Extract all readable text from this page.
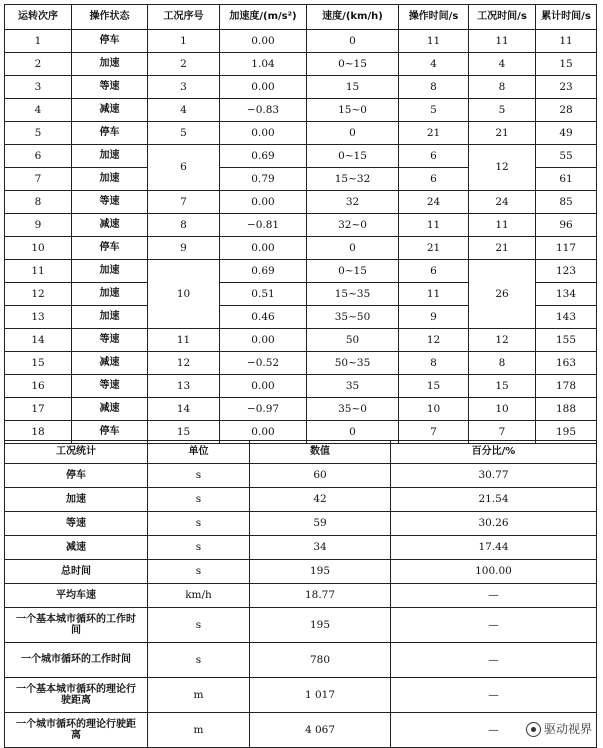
运转次序	操作状态	工况序号	加速度/(m/s²)	速度/(km/h)	操作时间/s	工况时间/s	累计时间/s
1	停车	1	0.00	0	11	11	11
2	加速	2	1.04	0~15	4	4	15
3	等速	3	0.00	15	8	8	23
4	减速	4	−0.83	15~0	5	5	28
5	停车	5	0.00	0	21	21	49
6	加速	6	0.69	0~15	6	12	55
7	加速		0.79	15~32	6		61
8	等速	7	0.00	32	24	24	85
9	减速	8	−0.81	32~0	11	11	96
10	停车	9	0.00	0	21	21	117
11	加速	10	0.69	0~15	6	26	123
12	加速		0.51	15~35	11		134
13	加速		0.46	35~50	9		143
14	等速	11	0.00	50	12	12	155
15	减速	12	−0.52	50~35	8	8	163
16	等速	13	0.00	35	15	15	178
17	减速	14	−0.97	35~0	10	10	188
18	停车	15	0.00	0	7	7	195
工况统计	单位	数值	百分比/%
停车	s	60	30.77
加速	s	42	21.54
等速	s	59	30.26
减速	s	34	17.44
总时间	s	195	100.00
平均车速	km/h	18.77	—
一个基本城市循环的工作时间	s	195	—
一个城市循环的工作时间	s	780	—
一个基本城市循环的理论行驶距离	m	1 017	—
一个城市循环的理论行驶距离	m	4 067	—	驱动视界
